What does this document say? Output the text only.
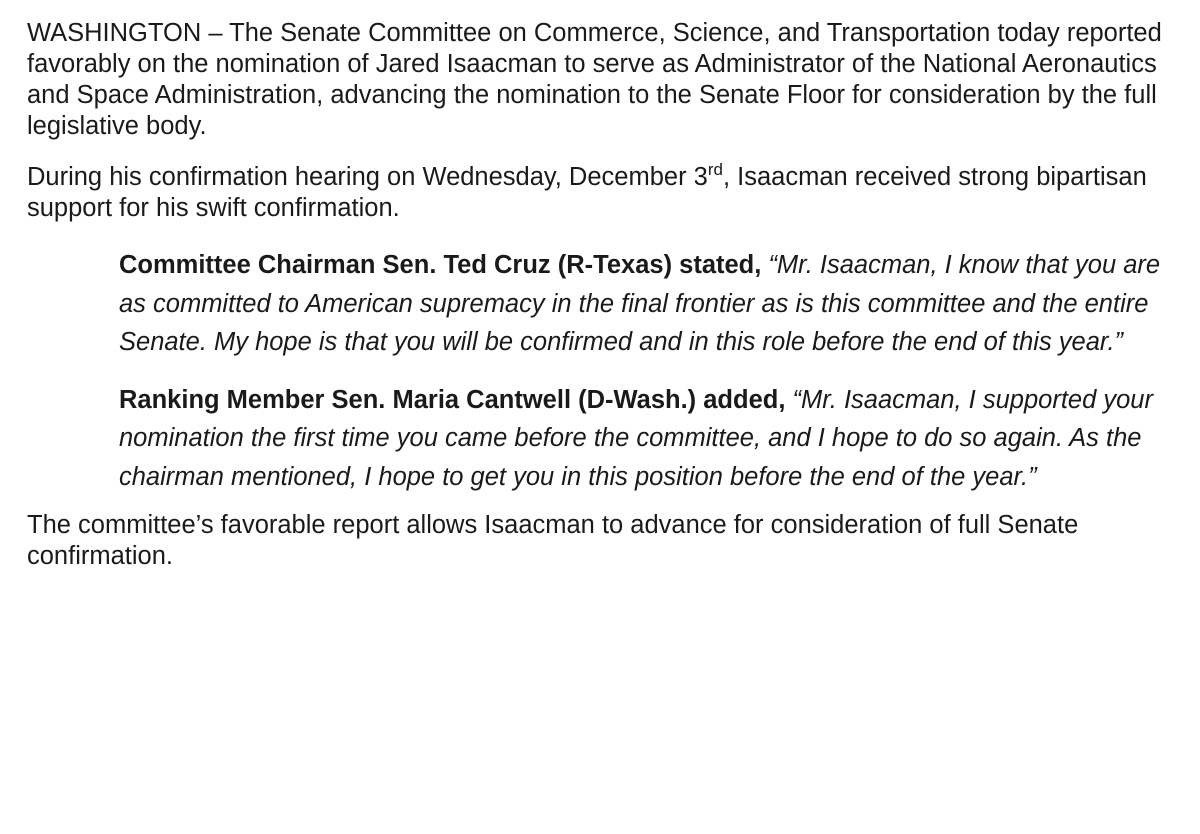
WASHINGTON – The Senate Committee on Commerce, Science, and Transportation today reported favorably on the nomination of Jared Isaacman to serve as Administrator of the National Aeronautics and Space Administration, advancing the nomination to the Senate Floor for consideration by the full legislative body.

During his confirmation hearing on Wednesday, December 3rd, Isaacman received strong bipartisan support for his swift confirmation.

Committee Chairman Sen. Ted Cruz (R-Texas) stated, “Mr. Isaacman, I know that you are as committed to American supremacy in the final frontier as is this committee and the entire Senate. My hope is that you will be confirmed and in this role before the end of this year.”

Ranking Member Sen. Maria Cantwell (D-Wash.) added, “Mr. Isaacman, I supported your nomination the first time you came before the committee, and I hope to do so again. As the chairman mentioned, I hope to get you in this position before the end of the year.”

The committee’s favorable report allows Isaacman to advance for consideration of full Senate confirmation.
